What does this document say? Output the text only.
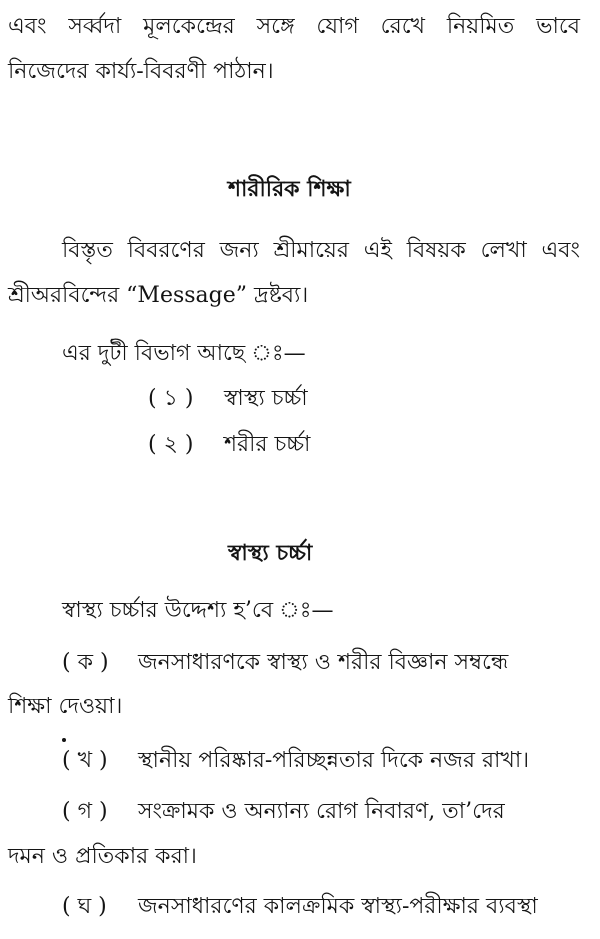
এবং সর্ব্বদা মূলকেন্দ্রের সঙ্গে যোগ রেখে নিয়মিত ভাবে
নিজেদের কার্য্য-বিবরণী পাঠান।
শারীরিক শিক্ষা
বিস্তৃত বিবরণের জন্য শ্রীমায়ের এই বিষয়ক লেখা এবং
শ্রীঅরবিন্দের “Message” দ্রষ্টব্য।
এর দুটী বিভাগ আছে ঃ—
( ১ ) স্বাস্থ্য চর্চ্চা
( ২ ) শরীর চর্চ্চা
স্বাস্থ্য চর্চ্চা
স্বাস্থ্য চর্চ্চার উদ্দেশ্য হ’বে ঃ—
( ক ) জনসাধারণকে স্বাস্থ্য ও শরীর বিজ্ঞান সম্বন্ধে
শিক্ষা দেওয়া।
( খ ) স্থানীয় পরিষ্কার-পরিচ্ছন্নতার দিকে নজর রাখা।
( গ ) সংক্রামক ও অন্যান্য রোগ নিবারণ, তা’দের
দমন ও প্রতিকার করা।
( ঘ ) জনসাধারণের কালক্রমিক স্বাস্থ্য-পরীক্ষার ব্যবস্থা
